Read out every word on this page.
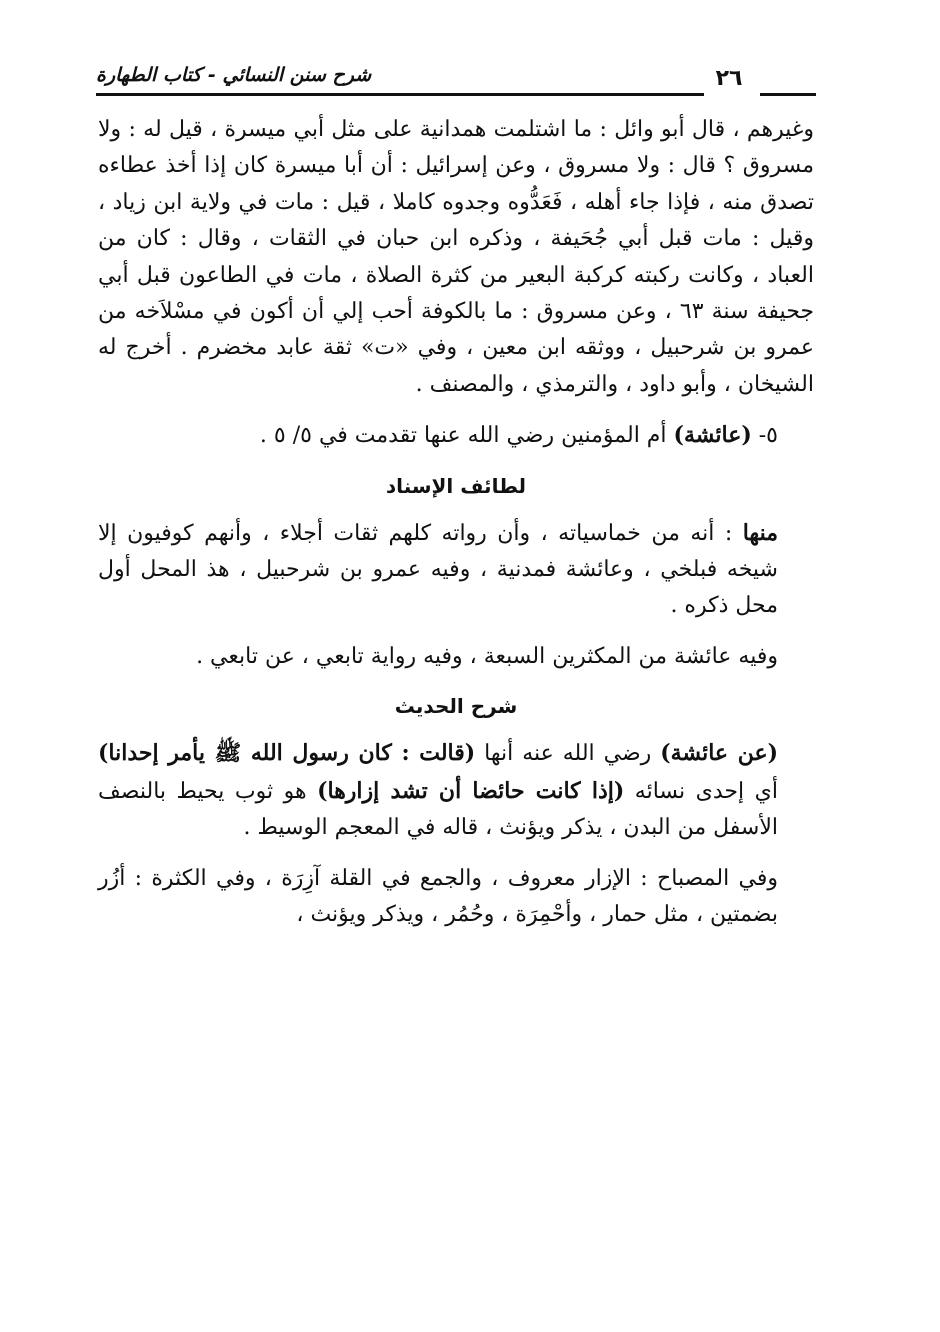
شرح سنن النسائي - كتاب الطهارة	٢٦

وغيرهم ، قال أبو وائل : ما اشتلمت همدانية على مثل أبي ميسرة ، قيل له : ولا مسروق ؟ قال : ولا مسروق ، وعن إسرائيل : أن أبا ميسرة كان إذا أخذ عطاءه تصدق منه ، فإذا جاء أهله ، فَعَدُّوه وجدوه كاملا ، قيل : مات في ولاية ابن زياد ، وقيل : مات قبل أبي جُحَيفة ، وذكره ابن حبان في الثقات ، وقال : كان من العباد ، وكانت ركبته كركبة البعير من كثرة الصلاة ، مات في الطاعون قبل أبي جحيفة سنة ٦٣ ، وعن مسروق : ما بالكوفة أحب إلي أن أكون في مسْلاَخه من عمرو بن شرحبيل ، ووثقه ابن معين ، وفي «ت» ثقة عابد مخضرم . أخرج له الشيخان ، وأبو داود ، والترمذي ، والمصنف .

٥- (عائشة) أم المؤمنين رضي الله عنها تقدمت في ٥/ ٥ .

لطائف الإسناد

منها : أنه من خماسياته ، وأن رواته كلهم ثقات أجلاء ، وأنهم كوفيون إلا شيخه فبلخي ، وعائشة فمدنية ، وفيه عمرو بن شرحبيل ، هذ المحل أول محل ذكره .

وفيه عائشة من المكثرين السبعة ، وفيه رواية تابعي ، عن تابعي .

شرح الحديث

(عن عائشة) رضي الله عنه أنها (قالت : كان رسول الله ﷺ يأمر إحدانا) أي إحدى نسائه (إذا كانت حائضا أن تشد إزارها) هو ثوب يحيط بالنصف الأسفل من البدن ، يذكر ويؤنث ، قاله في المعجم الوسيط .

وفي المصباح : الإزار معروف ، والجمع في القلة آزِرَة ، وفي الكثرة : أزُر بضمتين ، مثل حمار ، وأحْمِرَة ، وحُمُر ، ويذكر ويؤنث ،
